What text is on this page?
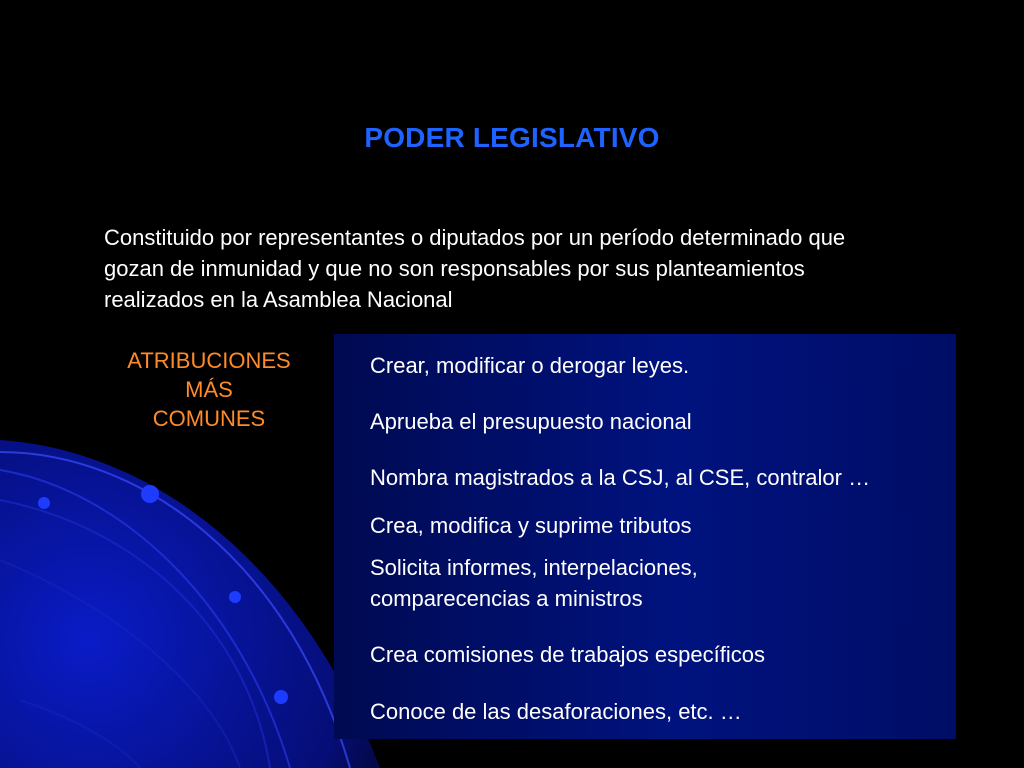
PODER LEGISLATIVO
Constituido por representantes o diputados por un período determinado que
gozan de inmunidad y que no son responsables por sus planteamientos
realizados en la Asamblea Nacional
ATRIBUCIONES
MÁS
COMUNES
Crear, modificar o derogar leyes.
Aprueba el presupuesto nacional
Nombra magistrados a la CSJ, al CSE, contralor …
Crea, modifica y suprime tributos
Solicita informes, interpelaciones,
comparecencias a ministros
Crea comisiones de trabajos específicos
Conoce de las desaforaciones, etc. …
